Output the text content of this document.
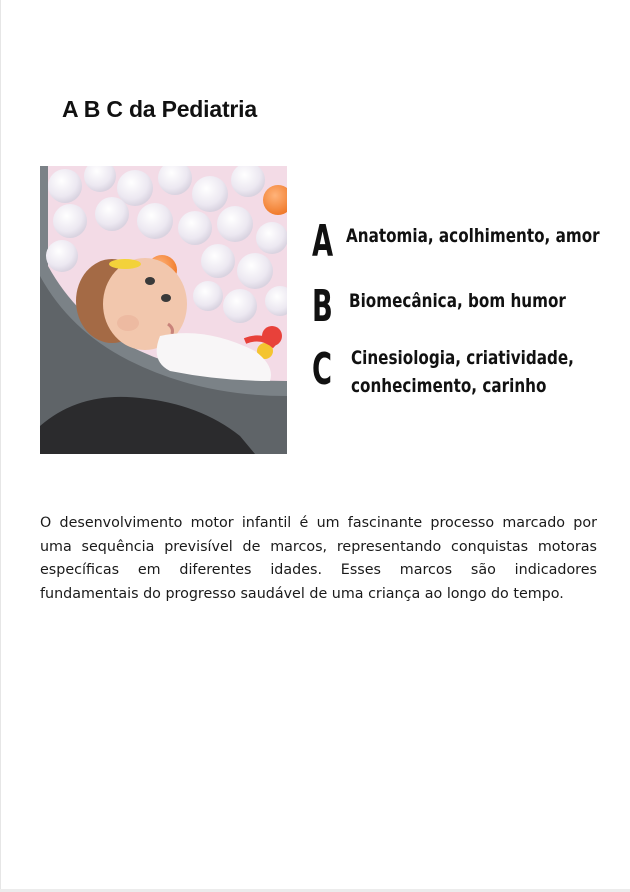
A B C da Pediatria
A Anatomia, acolhimento, amor
B Biomecânica, bom humor
C Cinesiologia, criatividade,
conhecimento, carinho
O desenvolvimento motor infantil é um fascinante processo marcado por uma sequência previsível de marcos, representando conquistas motoras específicas em diferentes idades. Esses marcos são indicadores fundamentais do progresso saudável de uma criança ao longo do tempo.
